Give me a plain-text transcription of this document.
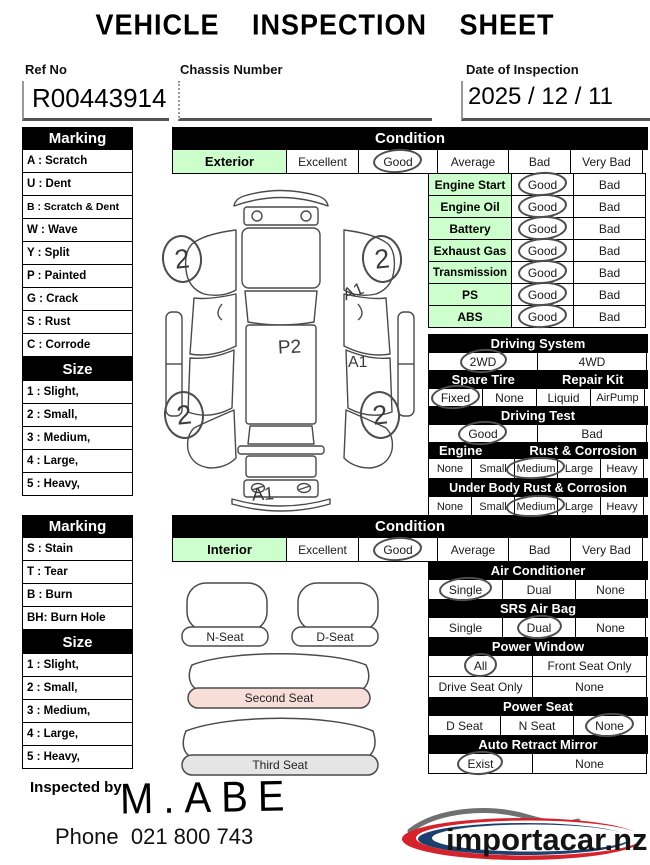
VEHICLE INSPECTION SHEET
Ref No
R00443914
Chassis Number	Date of Inspection
2025 / 12 / 11
Marking
A : Scratch
U : Dent
B : Scratch & Dent
W : Wave
Y : Split
P : Painted
G : Crack
S : Rust
C : Corrode
Size
1 : Slight,
2 : Small,
3 : Medium,
4 : Large,
5 : Heavy,
Condition
Exterior	Excellent	Good	Average	Bad	Very Bad
Engine Start Good	Bad
Engine Oil Good	Bad
Battery	Good	Bad
Exhaust Gas Good	Bad
Transmission Good	Bad
PS	Good	Bad
ABS	Good	Bad
Driving System
2WD	4WD
Spare Tire	Repair Kit
Fixed None Liquid AirPump
Driving Test
Good	Bad
Engine	Rust & Corrosion
None Small Medium Large Heavy
Under Body Rust & Corrosion
None Small Medium Large Heavy
2	2
2	2
A1
P2
A1
A1
Marking
S : Stain
T : Tear
B : Burn
BH: Burn Hole
Size
1 : Slight,
2 : Small,
3 : Medium,
4 : Large,
5 : Heavy,
Condition
Interior	Excellent	Good	Average	Bad	Very Bad
Air Conditioner
Single	Dual	None
SRS Air Bag
Single	Dual	None
Power Window
All	Front Seat Only
Drive Seat Only	None
Power Seat
D Seat	N Seat	None
Auto Retract Mirror
Exist	None
N-Seat	D-Seat
Second Seat
Third Seat
Inspected by:
M.ABE
Phone 021 800 743	importacar.nz
